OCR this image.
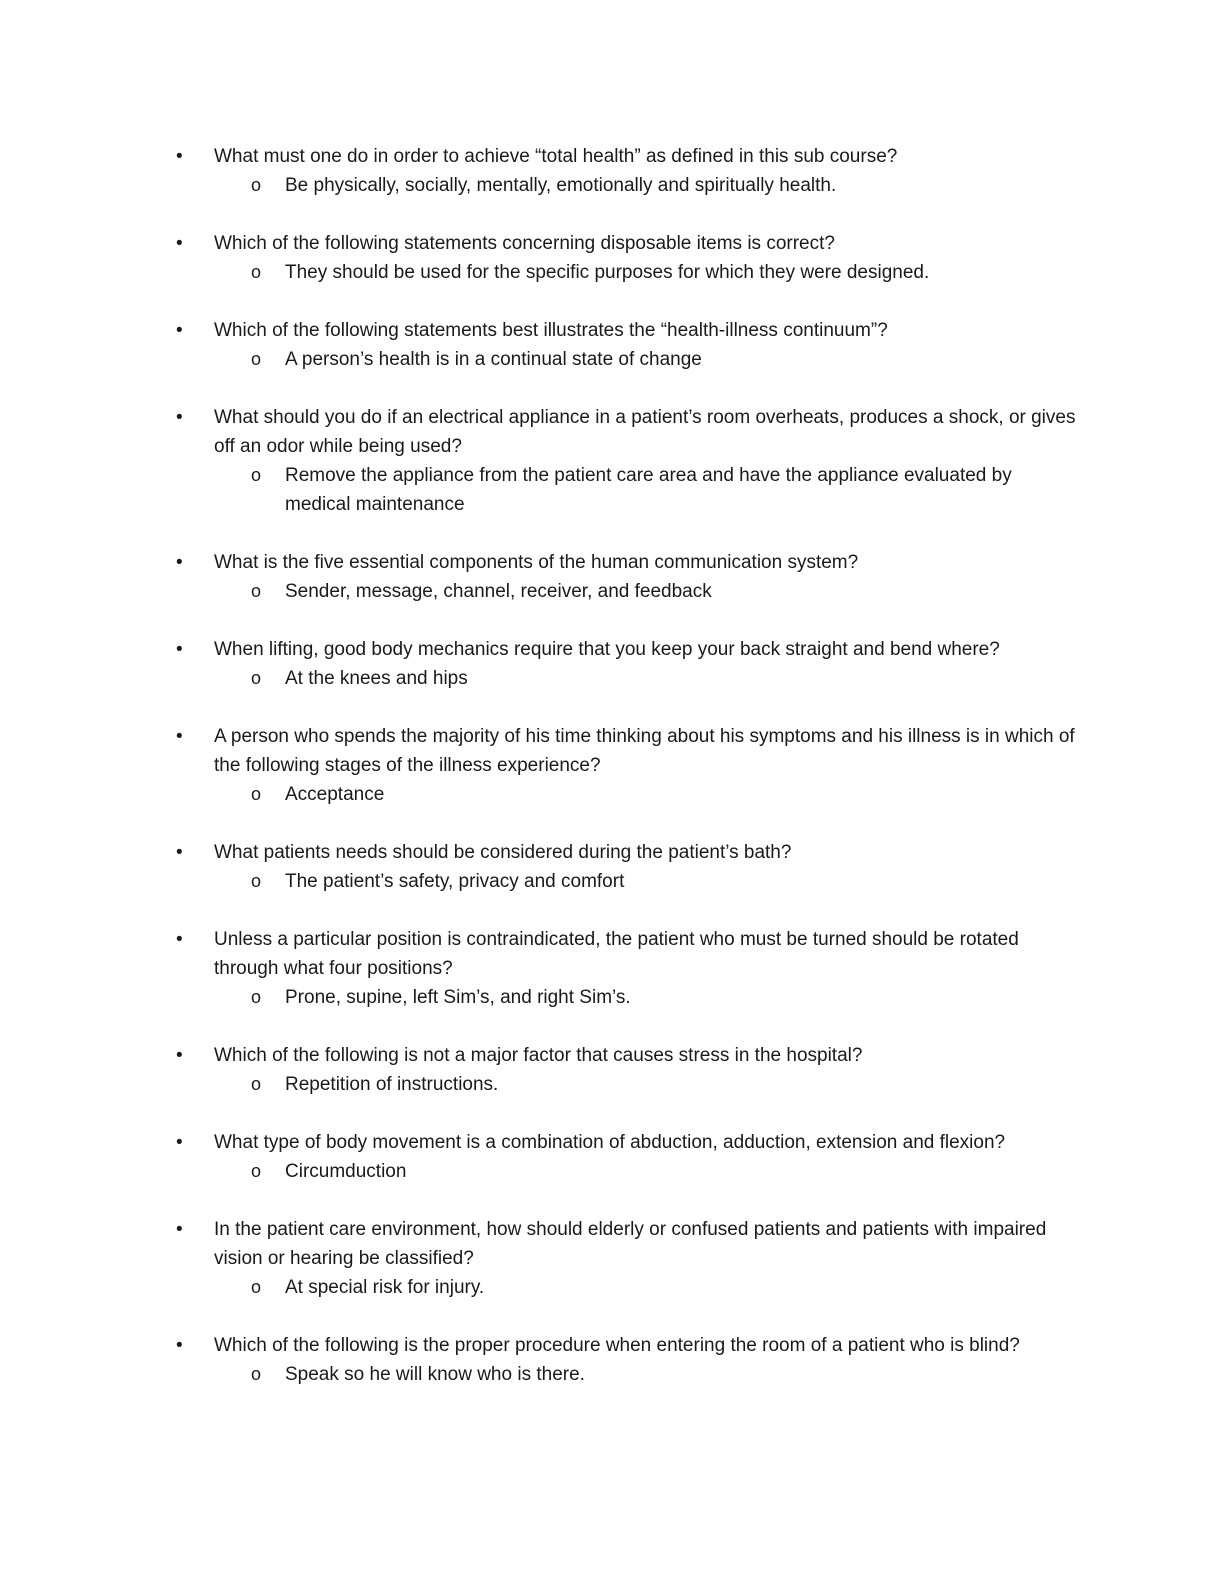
•	What must one do in order to achieve “total health” as defined in this sub course?
o Be physically, socially, mentally, emotionally and spiritually health.
•	Which of the following statements concerning disposable items is correct?
o They should be used for the specific purposes for which they were designed.
•	Which of the following statements best illustrates the “health-illness continuum”?
o A person’s health is in a continual state of change
•	What should you do if an electrical appliance in a patient’s room overheats, produces a shock, or gives off an odor while being used?
o Remove the appliance from the patient care area and have the appliance evaluated by medical maintenance
•	What is the five essential components of the human communication system?
o Sender, message, channel, receiver, and feedback
•	When lifting, good body mechanics require that you keep your back straight and bend where?
o At the knees and hips
•	A person who spends the majority of his time thinking about his symptoms and his illness is in which of the following stages of the illness experience?
o Acceptance
•	What patients needs should be considered during the patient’s bath?
o The patient’s safety, privacy and comfort
•	Unless a particular position is contraindicated, the patient who must be turned should be rotated through what four positions?
o Prone, supine, left Sim’s, and right Sim’s.
•	Which of the following is not a major factor that causes stress in the hospital?
o Repetition of instructions.
•	What type of body movement is a combination of abduction, adduction, extension and flexion?
o Circumduction
•	In the patient care environment, how should elderly or confused patients and patients with impaired vision or hearing be classified?
o At special risk for injury.
•	Which of the following is the proper procedure when entering the room of a patient who is blind?
o Speak so he will know who is there.
